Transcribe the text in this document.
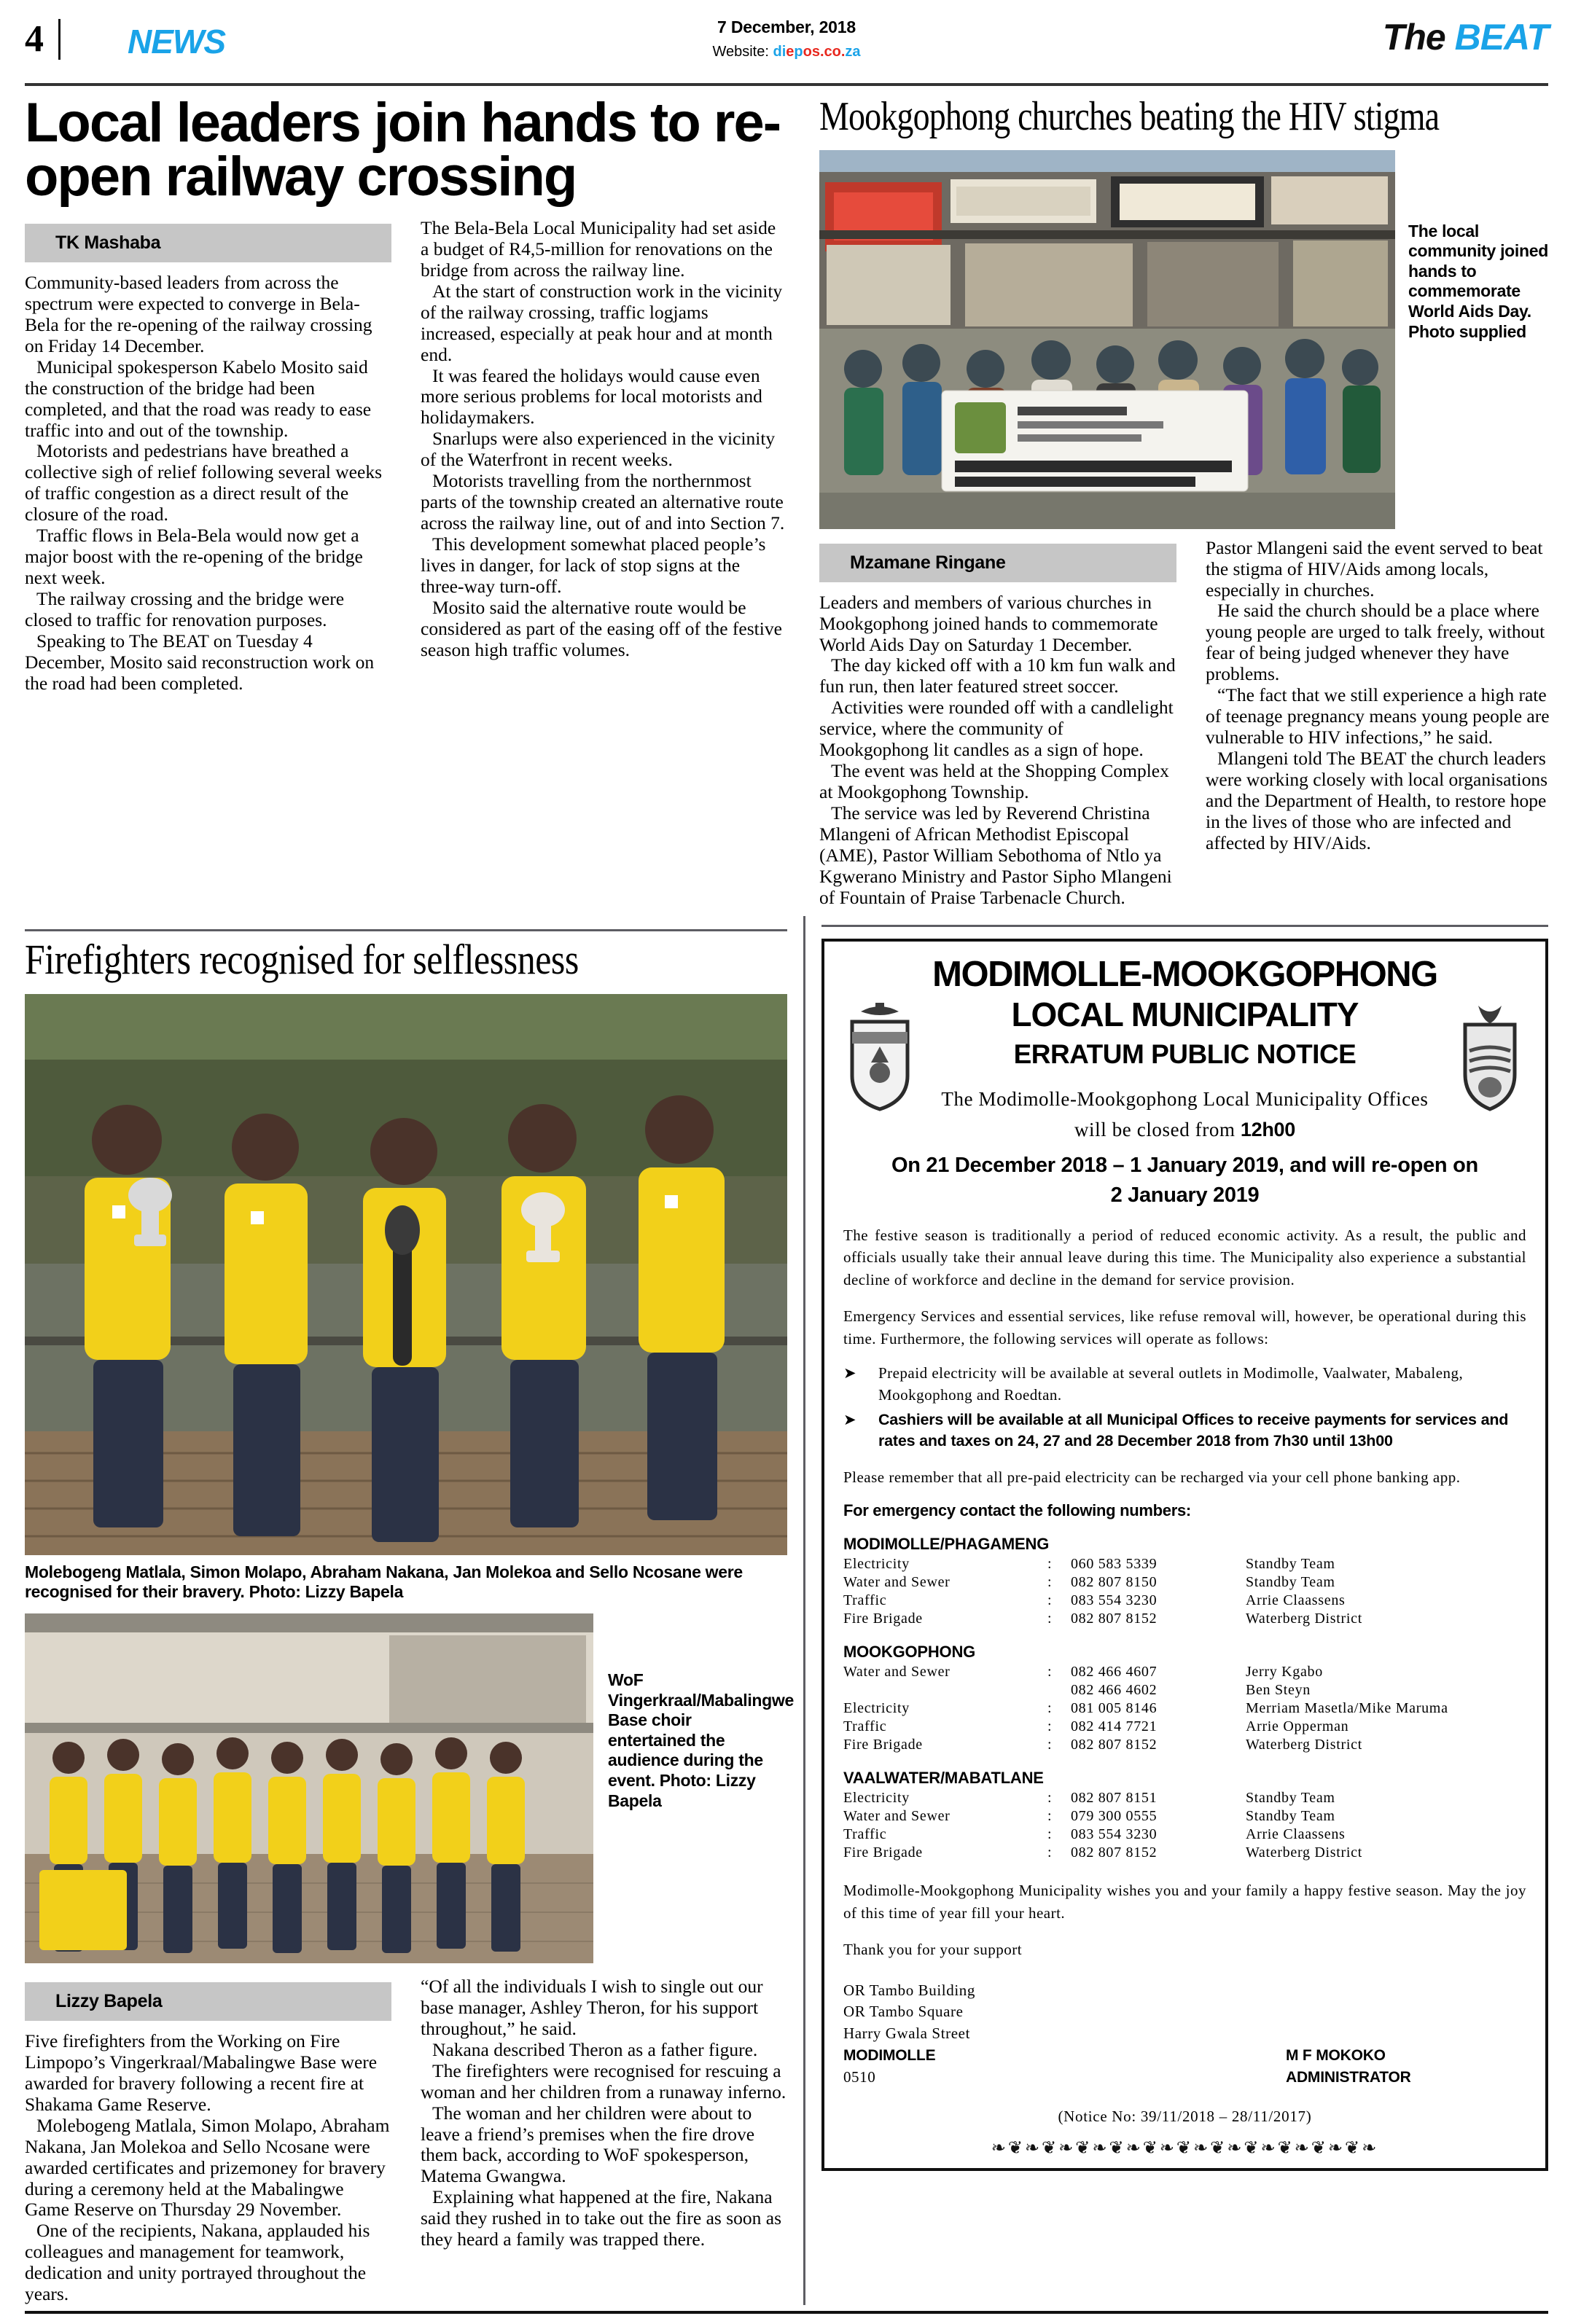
4	NEWS	7 December, 2018
Website: diepos.co.za	The BEAT
Local leaders join hands to re-open railway crossing
TK Mashaba

Community-based leaders from across the spectrum were expected to converge in Bela-Bela for the re-opening of the railway crossing on Friday 14 December.

Municipal spokesperson Kabelo Mosito said the construction of the bridge had been completed, and that the road was ready to ease traffic into and out of the township.

Motorists and pedestrians have breathed a collective sigh of relief following several weeks of traffic congestion as a direct result of the closure of the road.

Traffic flows in Bela-Bela would now get a major boost with the re-opening of the bridge next week.

The railway crossing and the bridge were closed to traffic for renovation purposes.

Speaking to The BEAT on Tuesday 4 December, Mosito said reconstruction work on the road had been completed.

The Bela-Bela Local Municipality had set aside a budget of R4,5-million for renovations on the bridge from across the railway line.

At the start of construction work in the vicinity of the railway crossing, traffic logjams increased, especially at peak hour and at month end.

It was feared the holidays would cause even more serious problems for local motorists and holidaymakers.

Snarlups were also experienced in the vicinity of the Waterfront in recent weeks.

Motorists travelling from the northernmost parts of the township created an alternative route across the railway line, out of and into Section 7.

This development somewhat placed people’s lives in danger, for lack of stop signs at the three-way turn-off.

Mosito said the alternative route would be considered as part of the easing off of the festive season high traffic volumes.

Mookgophong churches beating the HIV stigma
The local community joined hands to commemorate World Aids Day. Photo supplied
Mzamane Ringane

Leaders and members of various churches in Mookgophong joined hands to commemorate World Aids Day on Saturday 1 December.

The day kicked off with a 10 km fun walk and fun run, then later featured street soccer.

Activities were rounded off with a candlelight service, where the community of Mookgophong lit candles as a sign of hope.

The event was held at the Shopping Complex at Mookgophong Township.

The service was led by Reverend Christina Mlangeni of African Methodist Episcopal (AME), Pastor William Sebothoma of Ntlo ya Kgwerano Ministry and Pastor Sipho Mlangeni of Fountain of Praise Tarbenacle Church.

Pastor Mlangeni said the event served to beat the stigma of HIV/Aids among locals, especially in churches.

He said the church should be a place where young people are urged to talk freely, without fear of being judged whenever they have problems.

“The fact that we still experience a high rate of teenage pregnancy means young people are vulnerable to HIV infections,” he said.

Mlangeni told The BEAT the church leaders were working closely with local organisations and the Department of Health, to restore hope in the lives of those who are infected and affected by HIV/Aids.

Firefighters recognised for selflessness
Molebogeng Matlala, Simon Molapo, Abraham Nakana, Jan Molekoa and Sello Ncosane were recognised for their bravery. Photo: Lizzy Bapela
WoF Vingerkraal/Mabalingwe Base choir entertained the audience during the event. Photo: Lizzy Bapela
Lizzy Bapela

Five firefighters from the Working on Fire Limpopo’s Vingerkraal/Mabalingwe Base were awarded for bravery following a recent fire at Shakama Game Reserve.

Molebogeng Matlala, Simon Molapo, Abraham Nakana, Jan Molekoa and Sello Ncosane were awarded certificates and prizemoney for bravery during a ceremony held at the Mabalingwe Game Reserve on Thursday 29 November.

One of the recipients, Nakana, applauded his colleagues and management for teamwork, dedication and unity portrayed throughout the years.

“Of all the individuals I wish to single out our base manager, Ashley Theron, for his support throughout,” he said.

Nakana described Theron as a father figure.

The firefighters were recognised for rescuing a woman and her children from a runaway inferno.

The woman and her children were about to leave a friend’s premises when the fire drove them back, according to WoF spokesperson, Matema Gwangwa.

Explaining what happened at the fire, Nakana said they rushed in to take out the fire as soon as they heard a family was trapped there.

MODIMOLLE-MOOKGOPHONG
LOCAL MUNICIPALITY
ERRATUM PUBLIC NOTICE
The Modimolle-Mookgophong Local Municipality Offices
will be closed from 12h00
On 21 December 2018 – 1 January 2019, and will re-open on
2 January 2019
The festive season is traditionally a period of reduced economic activity. As a result, the public and officials usually take their annual leave during this time. The Municipality also experience a substantial decline of workforce and decline in the demand for service provision.
Emergency Services and essential services, like refuse removal will, however, be operational during this time. Furthermore, the following services will operate as follows:
➤	Prepaid electricity will be available at several outlets in Modimolle, Vaalwater, Mabaleng, Mookgophong and Roedtan.
➤	Cashiers will be available at all Municipal Offices to receive payments for services and rates and taxes on 24, 27 and 28 December 2018 from 7h30 until 13h00
Please remember that all pre-paid electricity can be recharged via your cell phone banking app.
For emergency contact the following numbers:
MODIMOLLE/PHAGAMENG
Electricity	:	060 583 5339	Standby Team
Water and Sewer	:	082 807 8150	Standby Team
Traffic	:	083 554 3230	Arrie Claassens
Fire Brigade	:	082 807 8152	Waterberg District
MOOKGOPHONG
Water and Sewer	:	082 466 4607	Jerry Kgabo
		082 466 4602	Ben Steyn
Electricity	:	081 005 8146	Merriam Masetla/Mike Maruma
Traffic	:	082 414 7721	Arrie Opperman
Fire Brigade	:	082 807 8152	Waterberg District
VAALWATER/MABATLANE
Electricity	:	082 807 8151	Standby Team
Water and Sewer	:	079 300 0555	Standby Team
Traffic	:	083 554 3230	Arrie Claassens
Fire Brigade	:	082 807 8152	Waterberg District
Modimolle-Mookgophong Municipality wishes you and your family a happy festive season. May the joy of this time of year fill your heart.
Thank you for your support
OR Tambo Building
OR Tambo Square
Harry Gwala Street
MODIMOLLE
0510
M F MOKOKO
ADMINISTRATOR
(Notice No: 39/11/2018 – 28/11/2017)
❧❦❧❦❧❦❧❦❧❦❧❦❧❦❧❦❧❦❧❦❧❦❧
